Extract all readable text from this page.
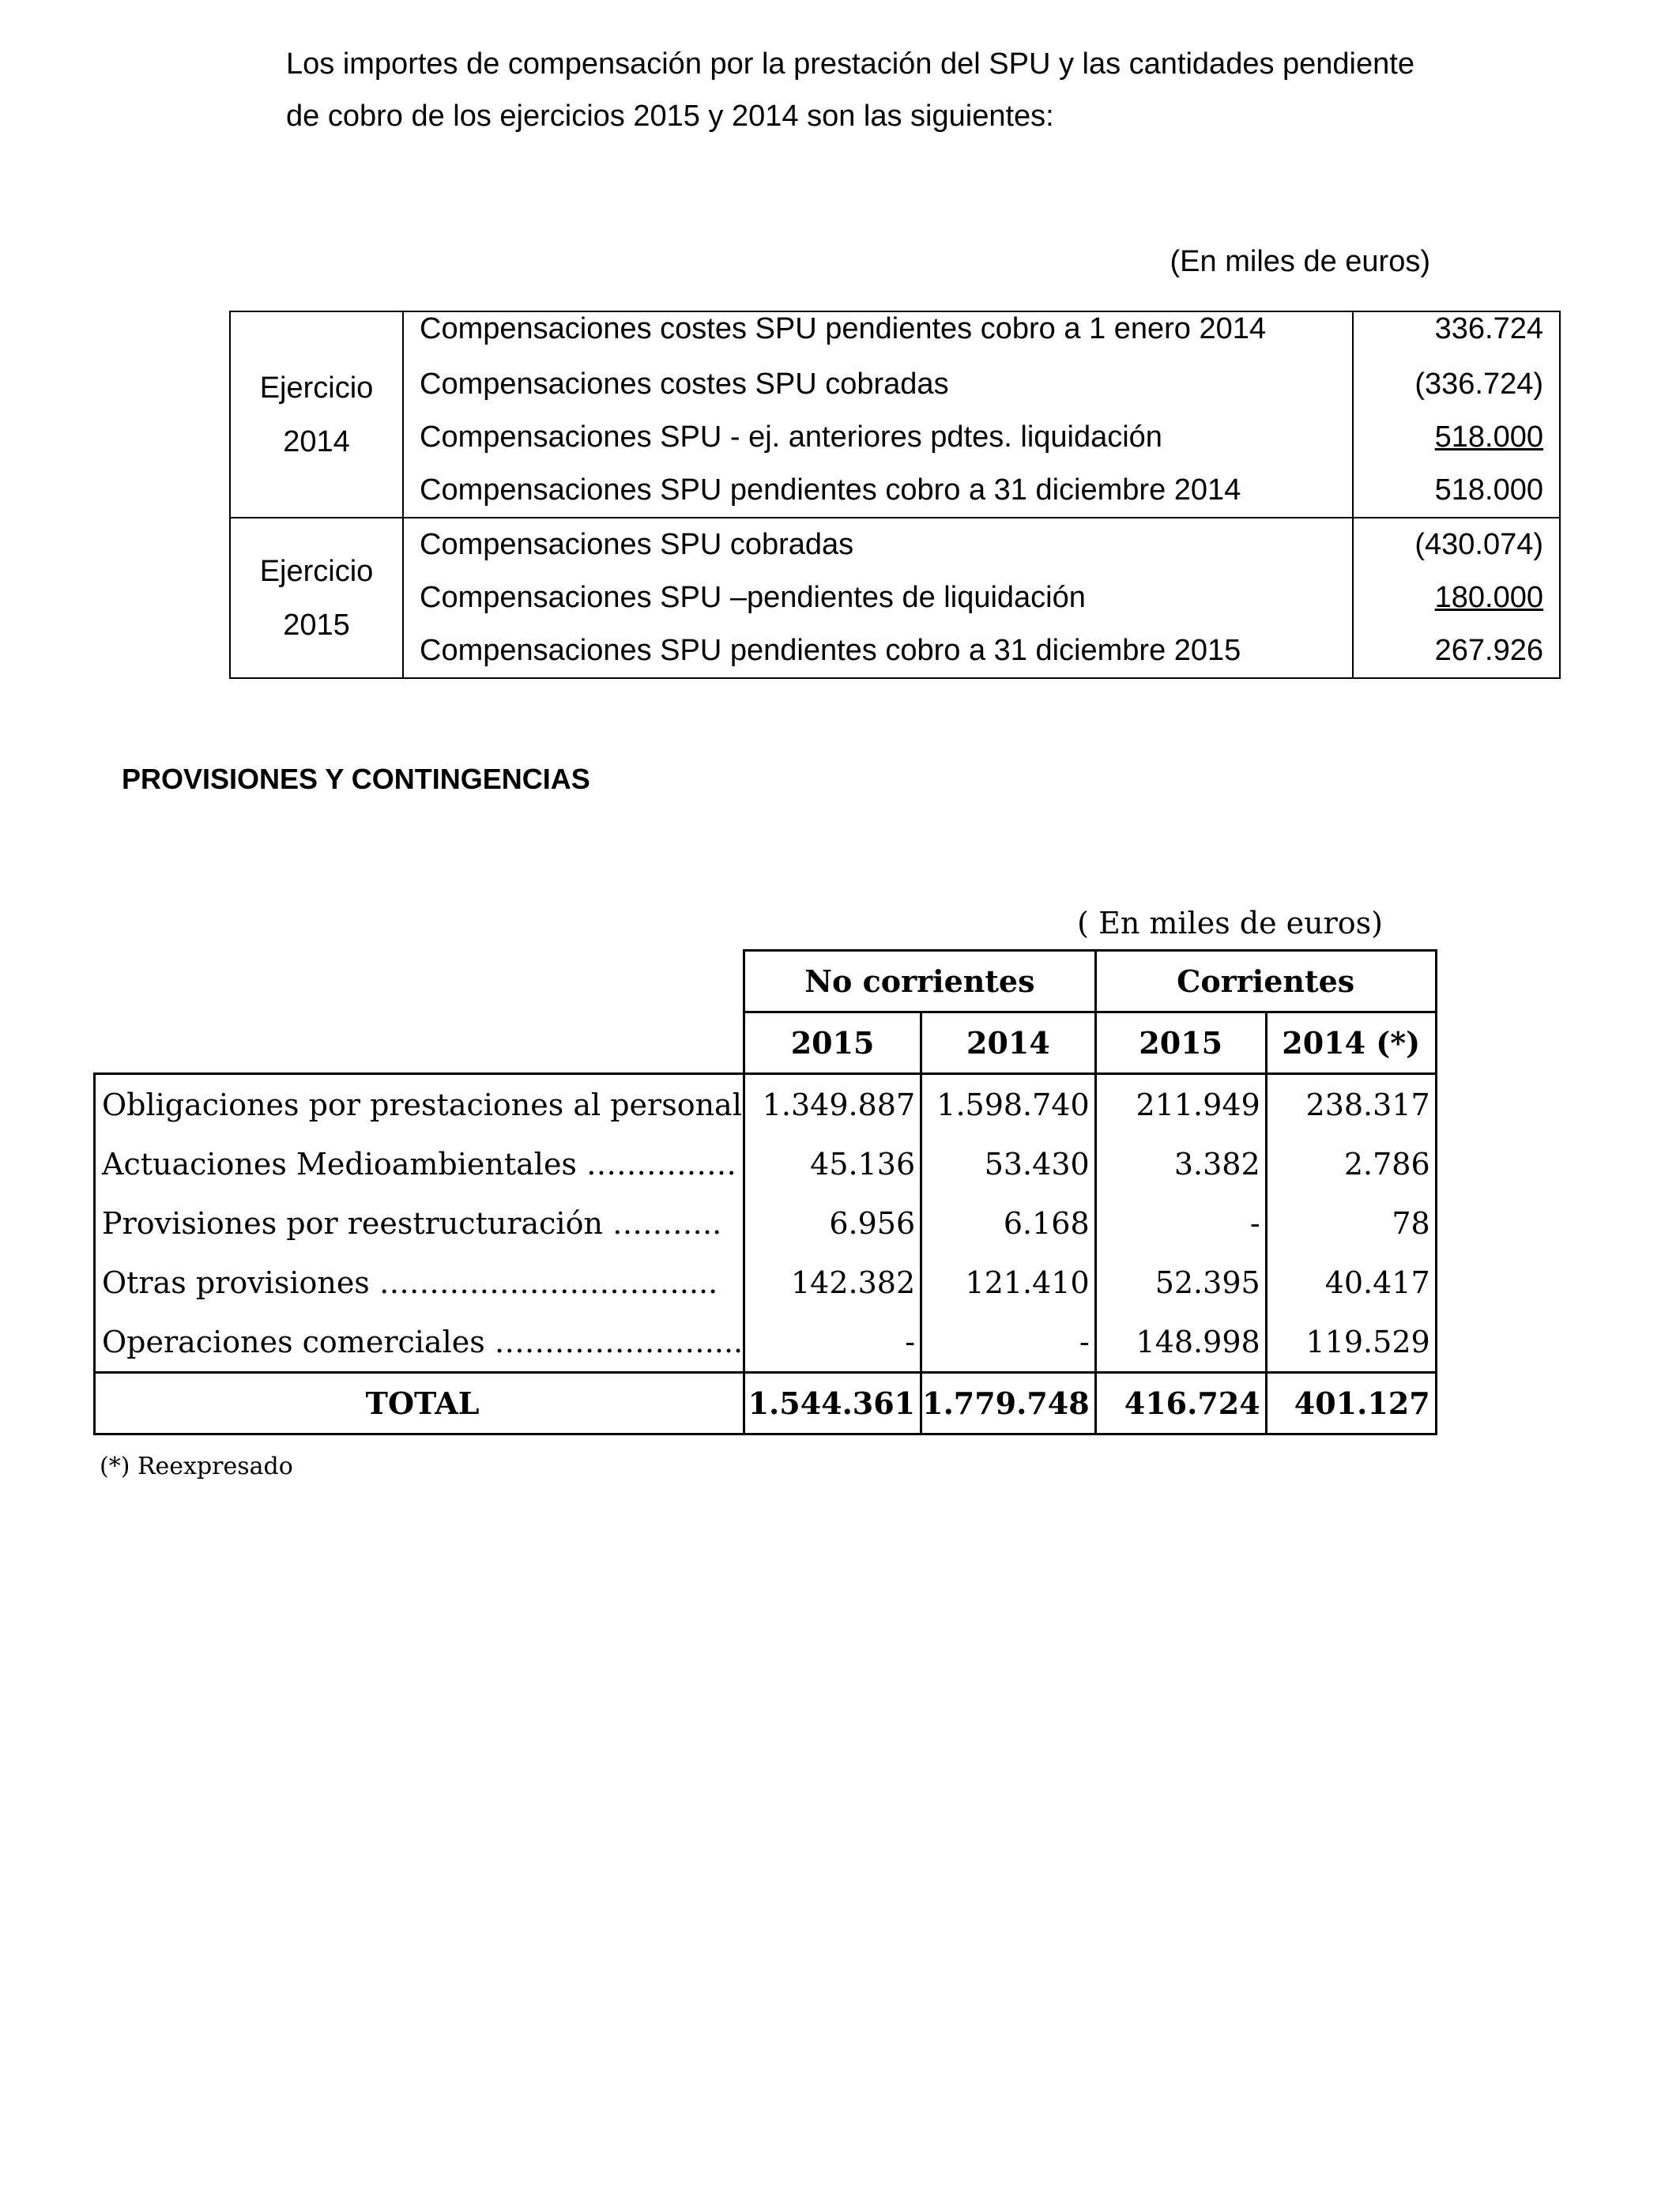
Los importes de compensación por la prestación del SPU y las cantidades pendiente

de cobro de los ejercicios 2015 y 2014 son las siguientes:

(En miles de euros)
Ejercicio
2014	Compensaciones costes SPU pendientes cobro a 1 enero 2014	336.724
	Compensaciones costes SPU cobradas	(336.724)
	Compensaciones SPU - ej. anteriores pdtes. liquidación	518.000
	Compensaciones SPU pendientes cobro a 31 diciembre 2014	518.000

Ejercicio
2015	Compensaciones SPU cobradas	(430.074)
	Compensaciones SPU –pendientes de liquidación	180.000
	Compensaciones SPU pendientes cobro a 31 diciembre 2015	267.926
PROVISIONES Y CONTINGENCIAS
( En miles de euros)
	No corrientes		Corrientes	
	2015	2014	2015	2014 (*)
Obligaciones por prestaciones al personal	1.349.887	1.598.740	211.949	238.317
Actuaciones Medioambientales ……………	45.136	53.430	3.382	2.786
Provisiones por reestructuración ………..	6.956	6.168	-	78
Otras provisiones …………………………....	142.382	121.410	52.395	40.417
Operaciones comerciales …………………....	-	-	148.998	119.529
TOTAL	1.544.361	1.779.748	416.724	401.127
(*) Reexpresado
